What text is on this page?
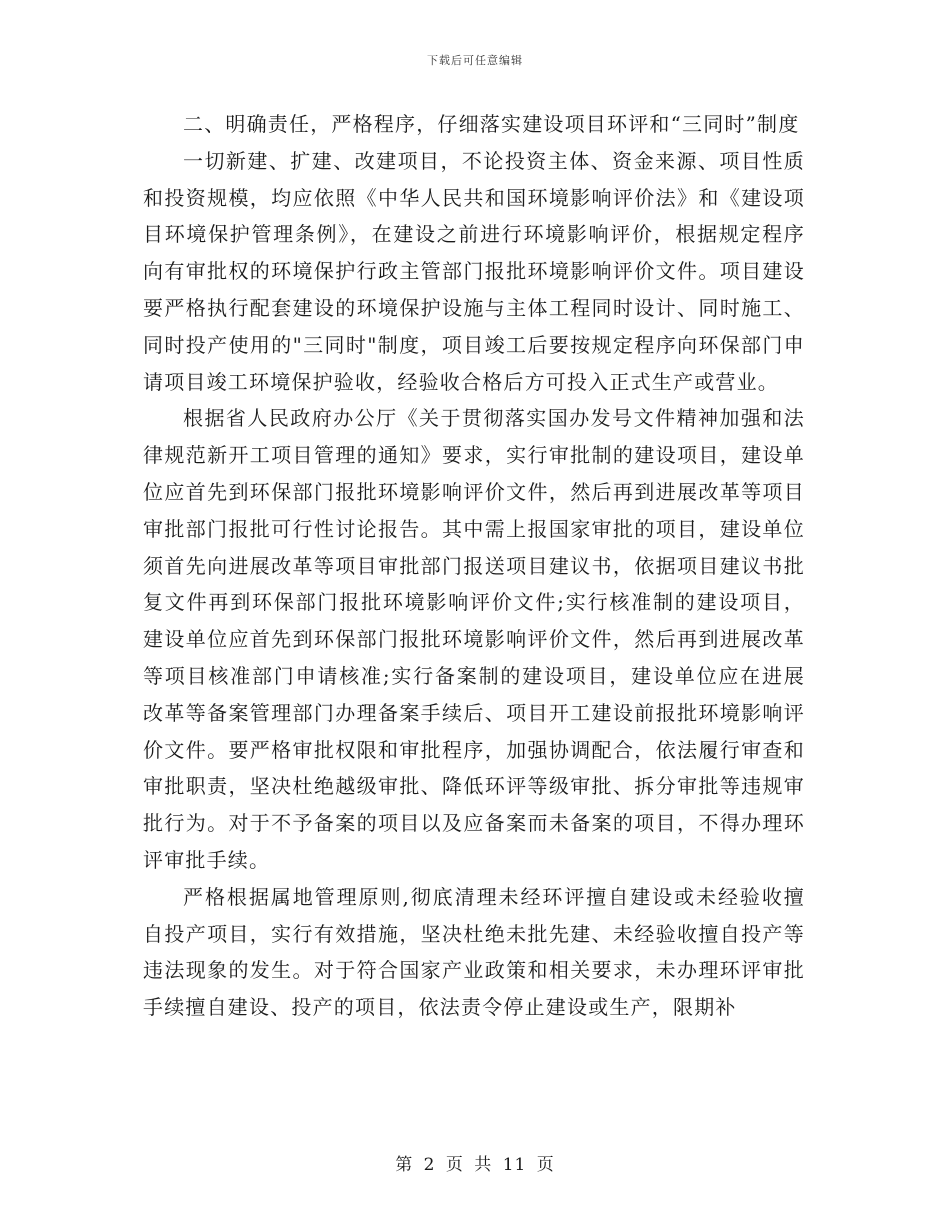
下载后可任意编辑

二、明确责任，严格程序，仔细落实建设项目环评和“三同时”制度

一切新建、扩建、改建项目，不论投资主体、资金来源、项目性质和投资规模，均应依照《中华人民共和国环境影响评价法》和《建设项目环境保护管理条例》，在建设之前进行环境影响评价，根据规定程序向有审批权的环境保护行政主管部门报批环境影响评价文件。项目建设要严格执行配套建设的环境保护设施与主体工程同时设计、同时施工、同时投产使用的"三同时"制度，项目竣工后要按规定程序向环保部门申请项目竣工环境保护验收，经验收合格后方可投入正式生产或营业。

根据省人民政府办公厅《关于贯彻落实国办发号文件精神加强和法律规范新开工项目管理的通知》要求，实行审批制的建设项目，建设单位应首先到环保部门报批环境影响评价文件，然后再到进展改革等项目审批部门报批可行性讨论报告。其中需上报国家审批的项目，建设单位须首先向进展改革等项目审批部门报送项目建议书，依据项目建议书批复文件再到环保部门报批环境影响评价文件;实行核准制的建设项目，建设单位应首先到环保部门报批环境影响评价文件，然后再到进展改革等项目核准部门申请核准;实行备案制的建设项目，建设单位应在进展改革等备案管理部门办理备案手续后、项目开工建设前报批环境影响评价文件。要严格审批权限和审批程序，加强协调配合，依法履行审查和审批职责，坚决杜绝越级审批、降低环评等级审批、拆分审批等违规审批行为。对于不予备案的项目以及应备案而未备案的项目，不得办理环评审批手续。

严格根据属地管理原则,彻底清理未经环评擅自建设或未经验收擅自投产项目，实行有效措施，坚决杜绝未批先建、未经验收擅自投产等违法现象的发生。对于符合国家产业政策和相关要求，未办理环评审批手续擅自建设、投产的项目，依法责令停止建设或生产，限期补

第 2 页 共 11 页
